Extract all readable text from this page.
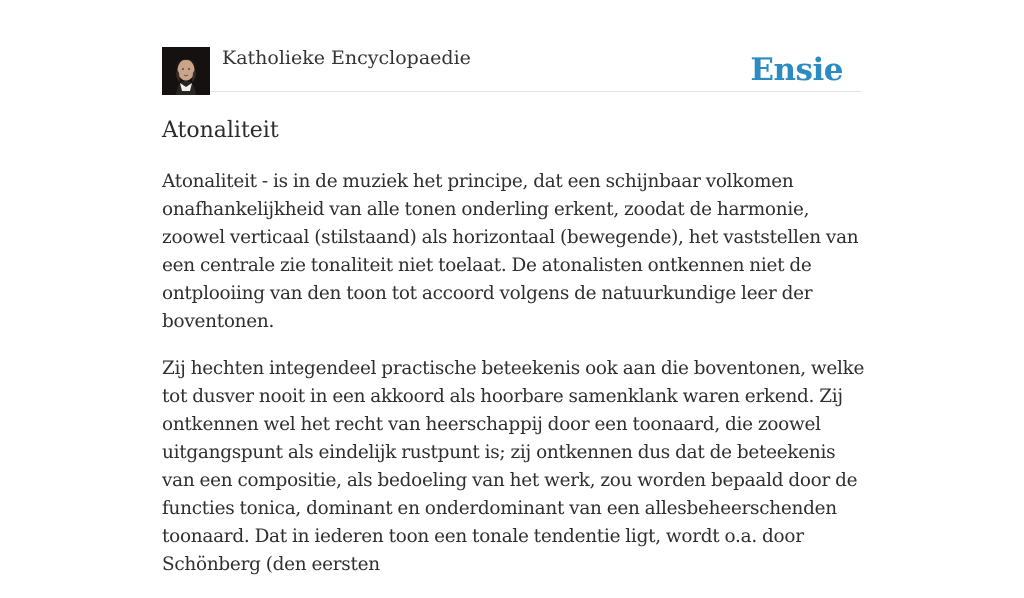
Katholieke Encyclopaedie	Ensie
Atonaliteit

Atonaliteit - is in de muziek het principe, dat een schijnbaar volkomen onafhankelijkheid van alle tonen onderling erkent, zoodat de harmonie, zoowel verticaal (stilstaand) als horizontaal (bewegende), het vaststellen van een centrale zie tonaliteit niet toelaat. De atonalisten ontkennen niet de ontplooiing van den toon tot accoord volgens de natuurkundige leer der boventonen.

Zij hechten integendeel practische beteekenis ook aan die boventonen, welke tot dusver nooit in een akkoord als hoorbare samenklank waren erkend. Zij ontkennen wel het recht van heerschappij door een toonaard, die zoowel uitgangspunt als eindelijk rustpunt is; zij ontkennen dus dat de beteekenis van een compositie, als bedoeling van het werk, zou worden bepaald door de functies tonica, dominant en onderdominant van een allesbeheerschenden toonaard. Dat in iederen toon een tonale tendentie ligt, wordt o.a. door Schönberg (den eersten
